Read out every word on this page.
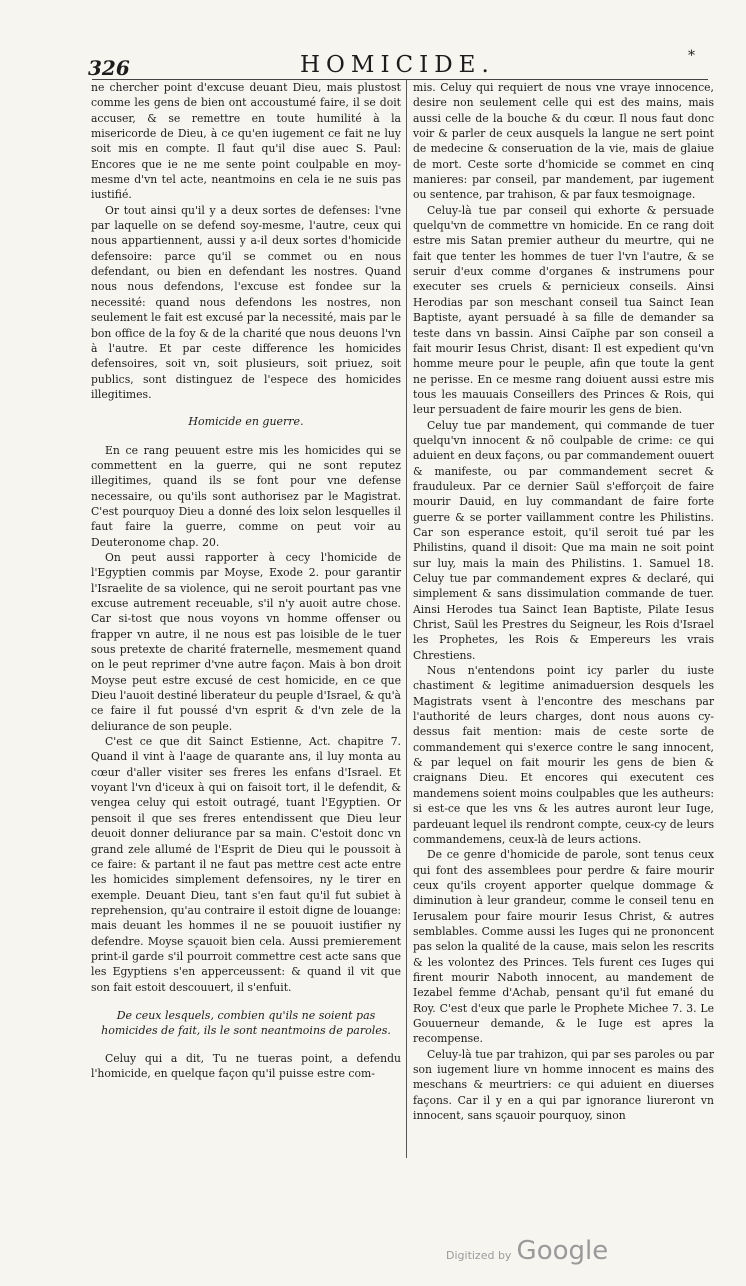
326	HOMICIDE.	*

ne chercher point d'excuse deuant Dieu, mais plustost comme les gens de bien ont accoustumé faire, il se doit accuser, & se remettre en toute humilité à la misericorde de Dieu, à ce qu'en iugement ce fait ne luy soit mis en compte. Il faut qu'il dise auec S. Paul: Encores que ie ne me sente point coulpable en moy-mesme d'vn tel acte, neantmoins en cela ie ne suis pas iustifié.

Or tout ainsi qu'il y a deux sortes de defenses: l'vne par laquelle on se defend soy-mesme, l'autre, ceux qui nous appartiennent, aussi y a-il deux sortes d'homicide defensoire: parce qu'il se commet ou en nous defendant, ou bien en defendant les nostres. Quand nous nous defendons, l'excuse est fondee sur la necessité: quand nous defendons les nostres, non seulement le fait est excusé par la necessité, mais par le bon office de la foy & de la charité que nous deuons l'vn à l'autre. Et par ceste difference les homicides defensoires, soit vn, soit plusieurs, soit priuez, soit publics, sont distinguez de l'espece des homicides illegitimes.

Homicide en guerre.

En ce rang peuuent estre mis les homicides qui se commettent en la guerre, qui ne sont reputez illegitimes, quand ils se font pour vne defense necessaire, ou qu'ils sont authorisez par le Magistrat. C'est pourquoy Dieu a donné des loix selon lesquelles il faut faire la guerre, comme on peut voir au Deuteronome chap. 20.

On peut aussi rapporter à cecy l'homicide de l'Egyptien commis par Moyse, Exode 2. pour garantir l'Israelite de sa violence, qui ne seroit pourtant pas vne excuse autrement receuable, s'il n'y auoit autre chose. Car si-tost que nous voyons vn homme offenser ou frapper vn autre, il ne nous est pas loisible de le tuer sous pretexte de charité fraternelle, mesmement quand on le peut reprimer d'vne autre façon. Mais à bon droit Moyse peut estre excusé de cest homicide, en ce que Dieu l'auoit destiné liberateur du peuple d'Israel, & qu'à ce faire il fut poussé d'vn esprit & d'vn zele de la deliurance de son peuple.

C'est ce que dit Sainct Estienne, Act. chapitre 7. Quand il vint à l'aage de quarante ans, il luy monta au cœur d'aller visiter ses freres les enfans d'Israel. Et voyant l'vn d'iceux à qui on faisoit tort, il le defendit, & vengea celuy qui estoit outragé, tuant l'Egyptien. Or pensoit il que ses freres entendissent que Dieu leur deuoit donner deliurance par sa main. C'estoit donc vn grand zele allumé de l'Esprit de Dieu qui le poussoit à ce faire: & partant il ne faut pas mettre cest acte entre les homicides simplement defensoires, ny le tirer en exemple. Deuant Dieu, tant s'en faut qu'il fut subiet à reprehension, qu'au contraire il estoit digne de louange: mais deuant les hommes il ne se pouuoit iustifier ny defendre. Moyse sçauoit bien cela. Aussi premierement print-il garde s'il pourroit commettre cest acte sans que les Egyptiens s'en apperceussent: & quand il vit que son fait estoit descouuert, il s'enfuit.

De ceux lesquels, combien qu'ils ne soient pas homicides de fait, ils le sont neantmoins de paroles.

Celuy qui a dit, Tu ne tueras point, a defendu l'homicide, en quelque façon qu'il puisse estre com-

mis. Celuy qui requiert de nous vne vraye innocence, desire non seulement celle qui est des mains, mais aussi celle de la bouche & du cœur. Il nous faut donc voir & parler de ceux ausquels la langue ne sert point de medecine & conseruation de la vie, mais de glaiue de mort. Ceste sorte d'homicide se commet en cinq manieres: par conseil, par mandement, par iugement ou sentence, par trahison, & par faux tesmoignage.

Celuy-là tue par conseil qui exhorte & persuade quelqu'vn de commettre vn homicide. En ce rang doit estre mis Satan premier autheur du meurtre, qui ne fait que tenter les hommes de tuer l'vn l'autre, & se seruir d'eux comme d'organes & instrumens pour executer ses cruels & pernicieux conseils. Ainsi Herodias par son meschant conseil tua Sainct Iean Baptiste, ayant persuadé à sa fille de demander sa teste dans vn bassin. Ainsi Caïphe par son conseil a fait mourir Iesus Christ, disant: Il est expedient qu'vn homme meure pour le peuple, afin que toute la gent ne perisse. En ce mesme rang doiuent aussi estre mis tous les mauuais Conseillers des Princes & Rois, qui leur persuadent de faire mourir les gens de bien.

Celuy tue par mandement, qui commande de tuer quelqu'vn innocent & nõ coulpable de crime: ce qui aduient en deux façons, ou par commandement ouuert & manifeste, ou par commandement secret & frauduleux. Par ce dernier Saül s'efforçoit de faire mourir Dauid, en luy commandant de faire forte guerre & se porter vaillamment contre les Philistins. Car son esperance estoit, qu'il seroit tué par les Philistins, quand il disoit: Que ma main ne soit point sur luy, mais la main des Philistins. 1. Samuel 18. Celuy tue par commandement expres & declaré, qui simplement & sans dissimulation commande de tuer. Ainsi Herodes tua Sainct Iean Baptiste, Pilate Iesus Christ, Saül les Prestres du Seigneur, les Rois d'Israel les Prophetes, les Rois & Empereurs les vrais Chrestiens.

Nous n'entendons point icy parler du iuste chastiment & legitime animaduersion desquels les Magistrats vsent à l'encontre des meschans par l'authorité de leurs charges, dont nous auons cy-dessus fait mention: mais de ceste sorte de commandement qui s'exerce contre le sang innocent, & par lequel on fait mourir les gens de bien & craignans Dieu. Et encores qui executent ces mandemens soient moins coulpables que les autheurs: si est-ce que les vns & les autres auront leur Iuge, pardeuant lequel ils rendront compte, ceux-cy de leurs commandemens, ceux-là de leurs actions.

De ce genre d'homicide de parole, sont tenus ceux qui font des assemblees pour perdre & faire mourir ceux qu'ils croyent apporter quelque dommage & diminution à leur grandeur, comme le conseil tenu en Ierusalem pour faire mourir Iesus Christ, & autres semblables. Comme aussi les Iuges qui ne prononcent pas selon la qualité de la cause, mais selon les rescrits & les volontez des Princes. Tels furent ces Iuges qui firent mourir Naboth innocent, au mandement de Iezabel femme d'Achab, pensant qu'il fut emané du Roy. C'est d'eux que parle le Prophete Michee 7. 3. Le Gouuerneur demande, & le Iuge est apres la recompense.

Celuy-là tue par trahizon, qui par ses paroles ou par son iugement liure vn homme innocent es mains des meschans & meurtriers: ce qui aduient en diuerses façons. Car il y en a qui par ignorance liureront vn innocent, sans sçauoir pourquoy, sinon

Digitized by Google
